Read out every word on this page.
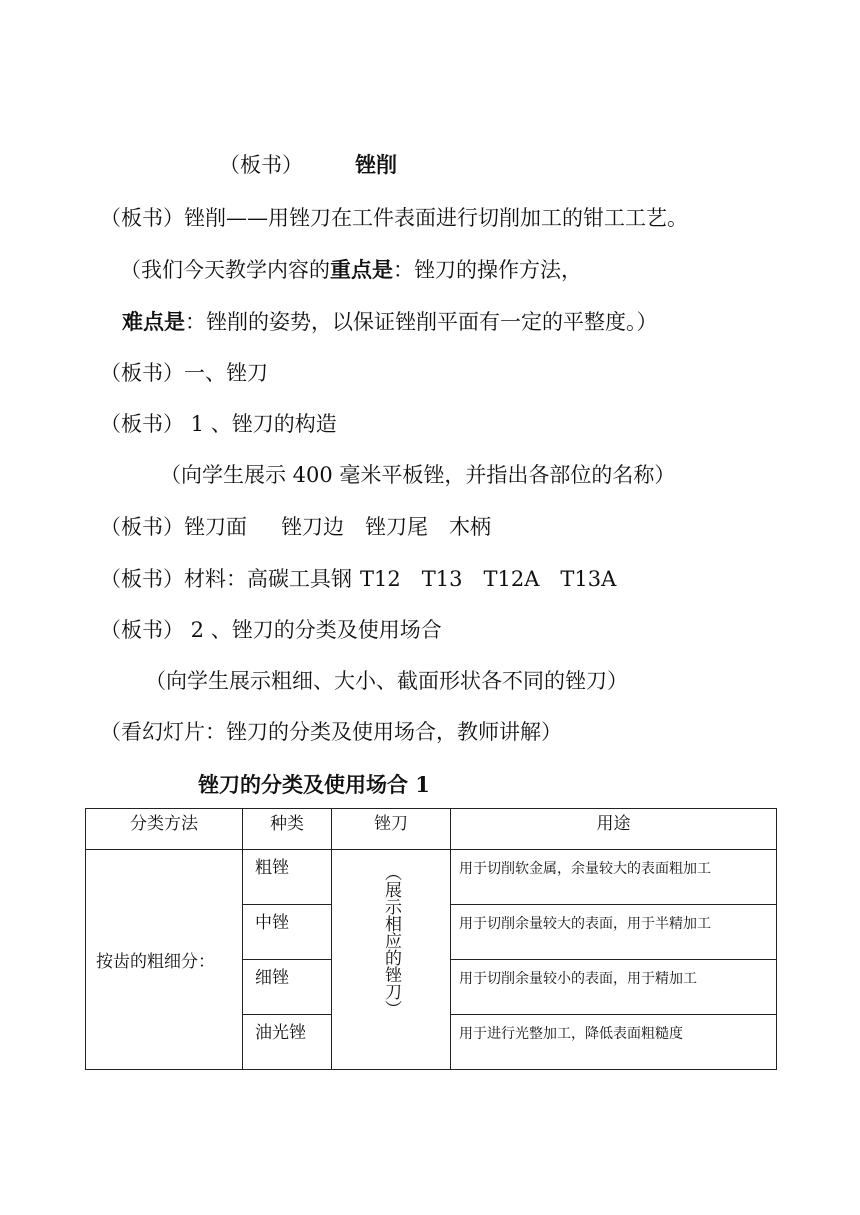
（板书） 锉削
（板书）锉削——用锉刀在工件表面进行切削加工的钳工工艺。
（我们今天教学内容的重点是：锉刀的操作方法，
难点是：锉削的姿势，以保证锉削平面有一定的平整度。）
（板书）一、锉刀
（板书） 1 、锉刀的构造
（向学生展示 400 毫米平板锉，并指出各部位的名称）
（板书）锉刀面 锉刀边 锉刀尾 木柄
（板书）材料：高碳工具钢 T12 T13 T12A T13A
（板书） 2 、锉刀的分类及使用场合
（向学生展示粗细、大小、截面形状各不同的锉刀）
（看幻灯片：锉刀的分类及使用场合，教师讲解）
锉刀的分类及使用场合 1
分类方法	种类	锉刀	用途
按齿的粗细分：	粗锉	（展示相应的锉刀）	用于切削软金属，余量较大的表面粗加工
	中锉		用于切削余量较大的表面，用于半精加工
	细锉		用于切削余量较小的表面，用于精加工
	油光锉		用于进行光整加工，降低表面粗糙度
